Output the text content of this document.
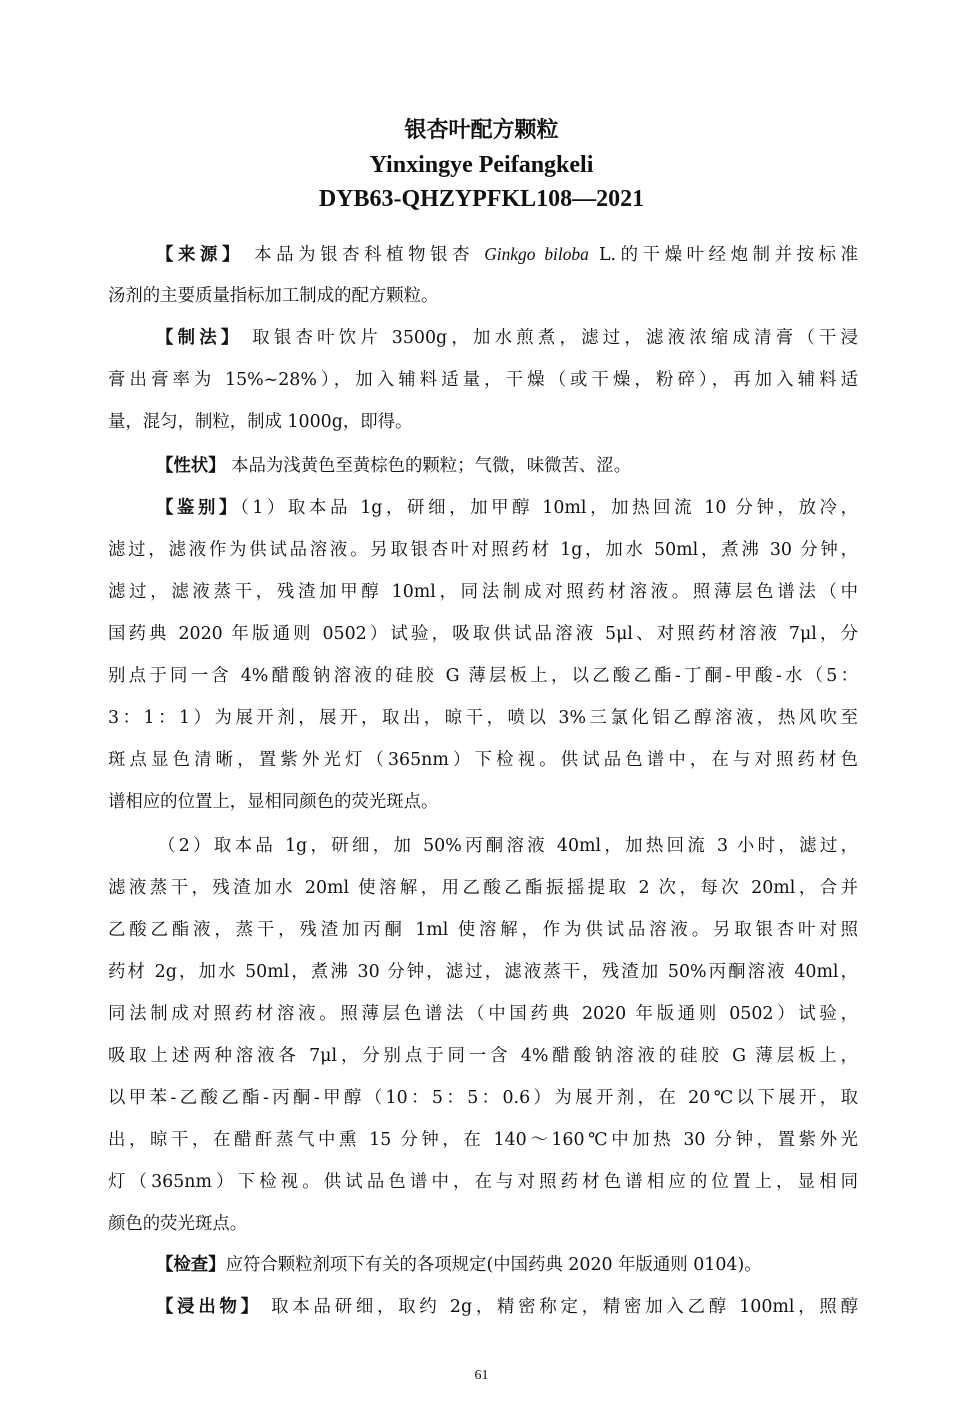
银杏叶配方颗粒
Yinxingye Peifangkeli
DYB63-QHZYPFKL108—2021
【来源】 本品为银杏科植物银杏 Ginkgo biloba L.的干燥叶经炮制并按标准
汤剂的主要质量指标加工制成的配方颗粒。
【制法】 取银杏叶饮片 3500g，加水煎煮，滤过，滤液浓缩成清膏（干浸
膏出膏率为 15%~28%），加入辅料适量，干燥（或干燥，粉碎），再加入辅料适
量，混匀，制粒，制成 1000g，即得。
【性状】 本品为浅黄色至黄棕色的颗粒；气微，味微苦、涩。
【鉴别】（1）取本品 1g，研细，加甲醇 10ml，加热回流 10 分钟，放冷，
滤过，滤液作为供试品溶液。另取银杏叶对照药材 1g，加水 50ml，煮沸 30 分钟，
滤过，滤液蒸干，残渣加甲醇 10ml，同法制成对照药材溶液。照薄层色谱法（中
国药典 2020 年版通则 0502）试验，吸取供试品溶液 5μl、对照药材溶液 7μl，分
别点于同一含 4%醋酸钠溶液的硅胶 G 薄层板上，以乙酸乙酯-丁酮-甲酸-水（5：
3：1：1）为展开剂，展开，取出，晾干，喷以 3%三氯化铝乙醇溶液，热风吹至
斑点显色清晰，置紫外光灯（365nm）下检视。供试品色谱中，在与对照药材色
谱相应的位置上，显相同颜色的荧光斑点。
（2）取本品 1g，研细，加 50%丙酮溶液 40ml，加热回流 3 小时，滤过，
滤液蒸干，残渣加水 20ml 使溶解，用乙酸乙酯振摇提取 2 次，每次 20ml，合并
乙酸乙酯液，蒸干，残渣加丙酮 1ml 使溶解，作为供试品溶液。另取银杏叶对照
药材 2g，加水 50ml，煮沸 30 分钟，滤过，滤液蒸干，残渣加 50%丙酮溶液 40ml，
同法制成对照药材溶液。照薄层色谱法（中国药典 2020 年版通则 0502）试验，
吸取上述两种溶液各 7μl，分别点于同一含 4%醋酸钠溶液的硅胶 G 薄层板上，
以甲苯-乙酸乙酯-丙酮-甲醇（10：5：5：0.6）为展开剂，在 20℃以下展开，取
出，晾干，在醋酐蒸气中熏 15 分钟，在 140～160℃中加热 30 分钟，置紫外光
灯（365nm）下检视。供试品色谱中，在与对照药材色谱相应的位置上，显相同
颜色的荧光斑点。
【检查】应符合颗粒剂项下有关的各项规定(中国药典 2020 年版通则 0104)。
【浸出物】 取本品研细，取约 2g，精密称定，精密加入乙醇 100ml，照醇
61
